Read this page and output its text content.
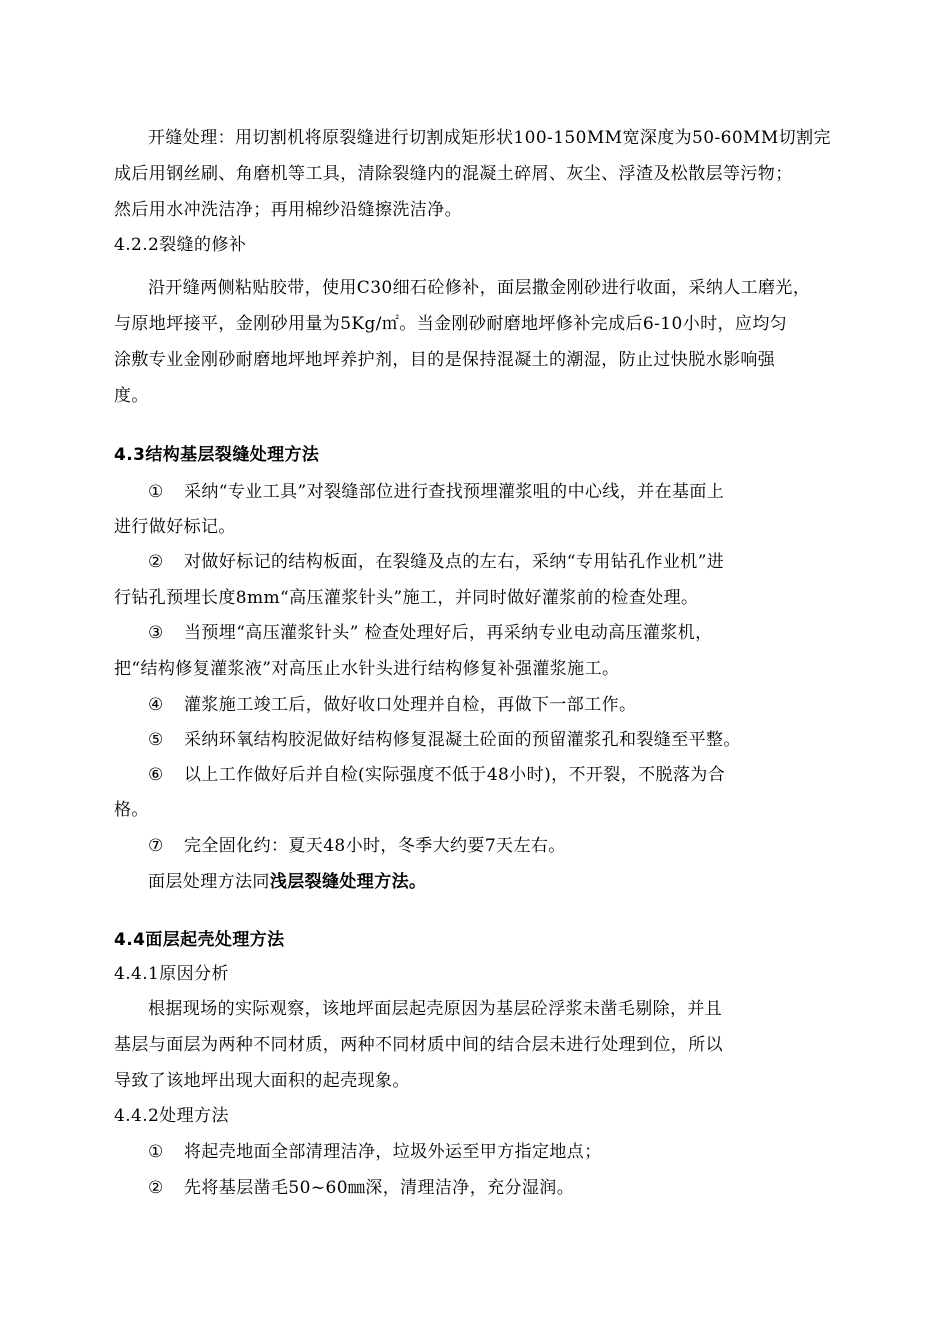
开缝处理：用切割机将原裂缝进行切割成矩形状100-150MM宽深度为50-60MM切割完
成后用钢丝刷、角磨机等工具，清除裂缝内的混凝土碎屑、灰尘、浮渣及松散层等污物；
然后用水冲洗洁净；再用棉纱沿缝擦洗洁净。
4.2.2裂缝的修补
沿开缝两侧粘贴胶带，使用C30细石砼修补，面层撒金刚砂进行收面，采纳人工磨光，
与原地坪接平，金刚砂用量为5Kg/㎡。当金刚砂耐磨地坪修补完成后6-10小时，应均匀
涂敷专业金刚砂耐磨地坪地坪养护剂，目的是保持混凝土的潮湿，防止过快脱水影响强
度。
4.3结构基层裂缝处理方法
① 采纳“专业工具”对裂缝部位进行查找预埋灌浆咀的中心线，并在基面上
进行做好标记。
② 对做好标记的结构板面，在裂缝及点的左右，采纳“专用钻孔作业机”进
行钻孔预埋长度8mm“高压灌浆针头”施工，并同时做好灌浆前的检查处理。
③ 当预埋“高压灌浆针头” 检查处理好后，再采纳专业电动高压灌浆机，
把“结构修复灌浆液”对高压止水针头进行结构修复补强灌浆施工。
④ 灌浆施工竣工后，做好收口处理并自检，再做下一部工作。
⑤ 采纳环氧结构胶泥做好结构修复混凝土砼面的预留灌浆孔和裂缝至平整。
⑥ 以上工作做好后并自检(实际强度不低于48小时)，不开裂，不脱落为合
格。
⑦ 完全固化约：夏天48小时，冬季大约要7天左右。
面层处理方法同浅层裂缝处理方法。
4.4面层起壳处理方法
4.4.1原因分析
根据现场的实际观察，该地坪面层起壳原因为基层砼浮浆未凿毛剔除，并且
基层与面层为两种不同材质，两种不同材质中间的结合层未进行处理到位，所以
导致了该地坪出现大面积的起壳现象。
4.4.2处理方法
① 将起壳地面全部清理洁净，垃圾外运至甲方指定地点；
② 先将基层凿毛50~60㎜深，清理洁净，充分湿润。
